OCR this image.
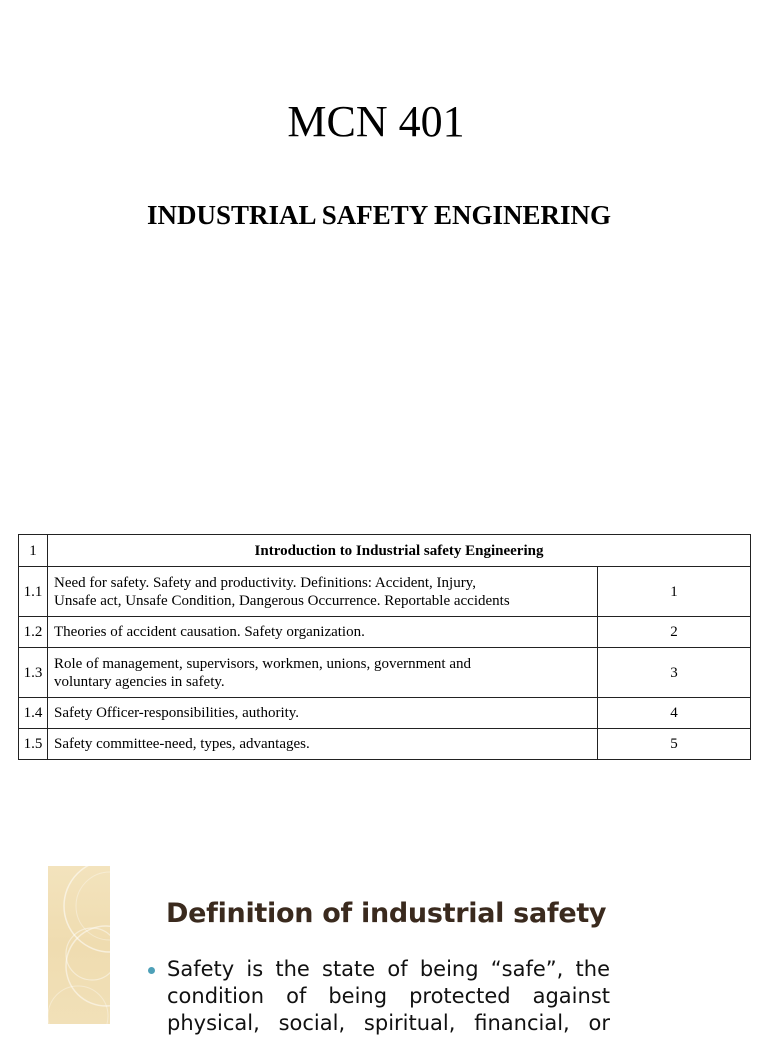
MCN 401
INDUSTRIAL SAFETY ENGINERING
1	Introduction to Industrial safety Engineering	
1.1	Need for safety. Safety and productivity. Definitions: Accident, Injury,
Unsafe act, Unsafe Condition, Dangerous Occurrence. Reportable accidents	1
1.2	Theories of accident causation. Safety organization.	2
1.3	Role of management, supervisors, workmen, unions, government and
voluntary agencies in safety.	3
1.4	Safety Officer-responsibilities, authority.	4
1.5	Safety committee-need, types, advantages.	5
Definition of industrial safety
Safety is the state of being “safe”, the
condition of being protected against
physical, social, spiritual, financial, or
